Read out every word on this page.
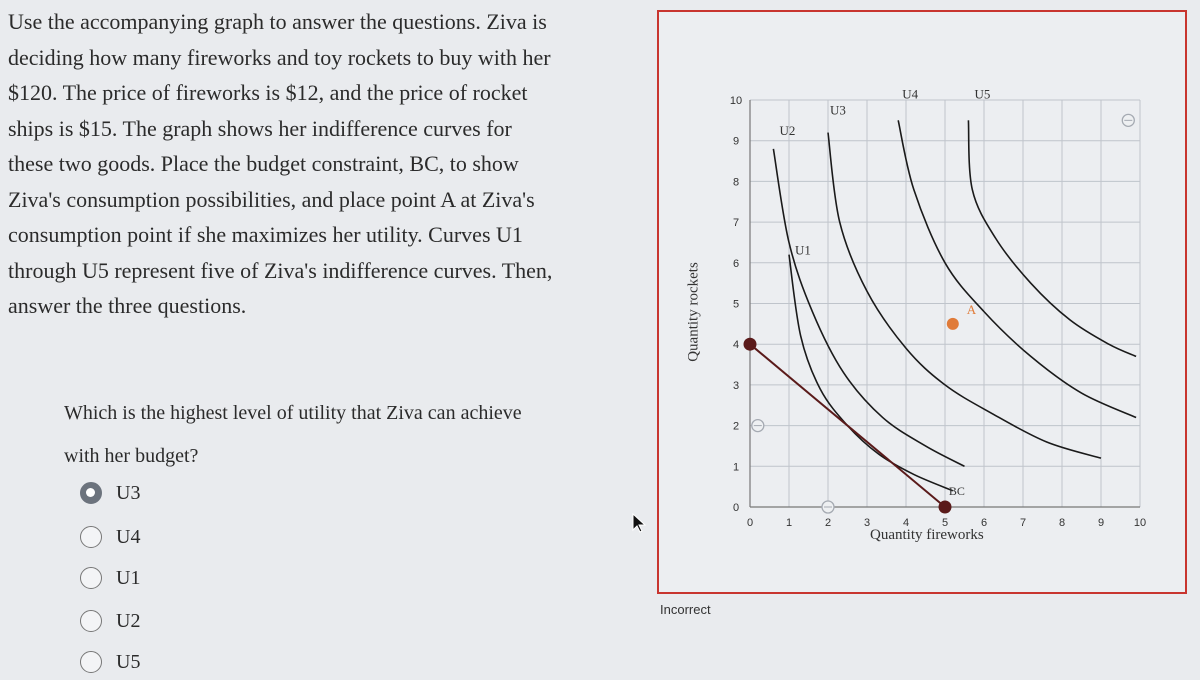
Use the accompanying graph to answer the questions. Ziva is
deciding how many fireworks and toy rockets to buy with her
$120. The price of fireworks is $12, and the price of rocket
ships is $15. The graph shows her indifference curves for
these two goods. Place the budget constraint, BC, to show
Ziva's consumption possibilities, and place point A at Ziva's
consumption point if she maximizes her utility. Curves U1
through U5 represent five of Ziva's indifference curves. Then,
answer the three questions.
Which is the highest level of utility that Ziva can achieve
with her budget?
U3
U4
U1
U2
U5
Quantity rockets
Quantity fireworks
0	1	2	3	4	5	6	7	8	9	10
0
1
2
3
4
5
6
7
8
9
10
U1
U2
U3
U4	U5
BC
A
Incorrect
